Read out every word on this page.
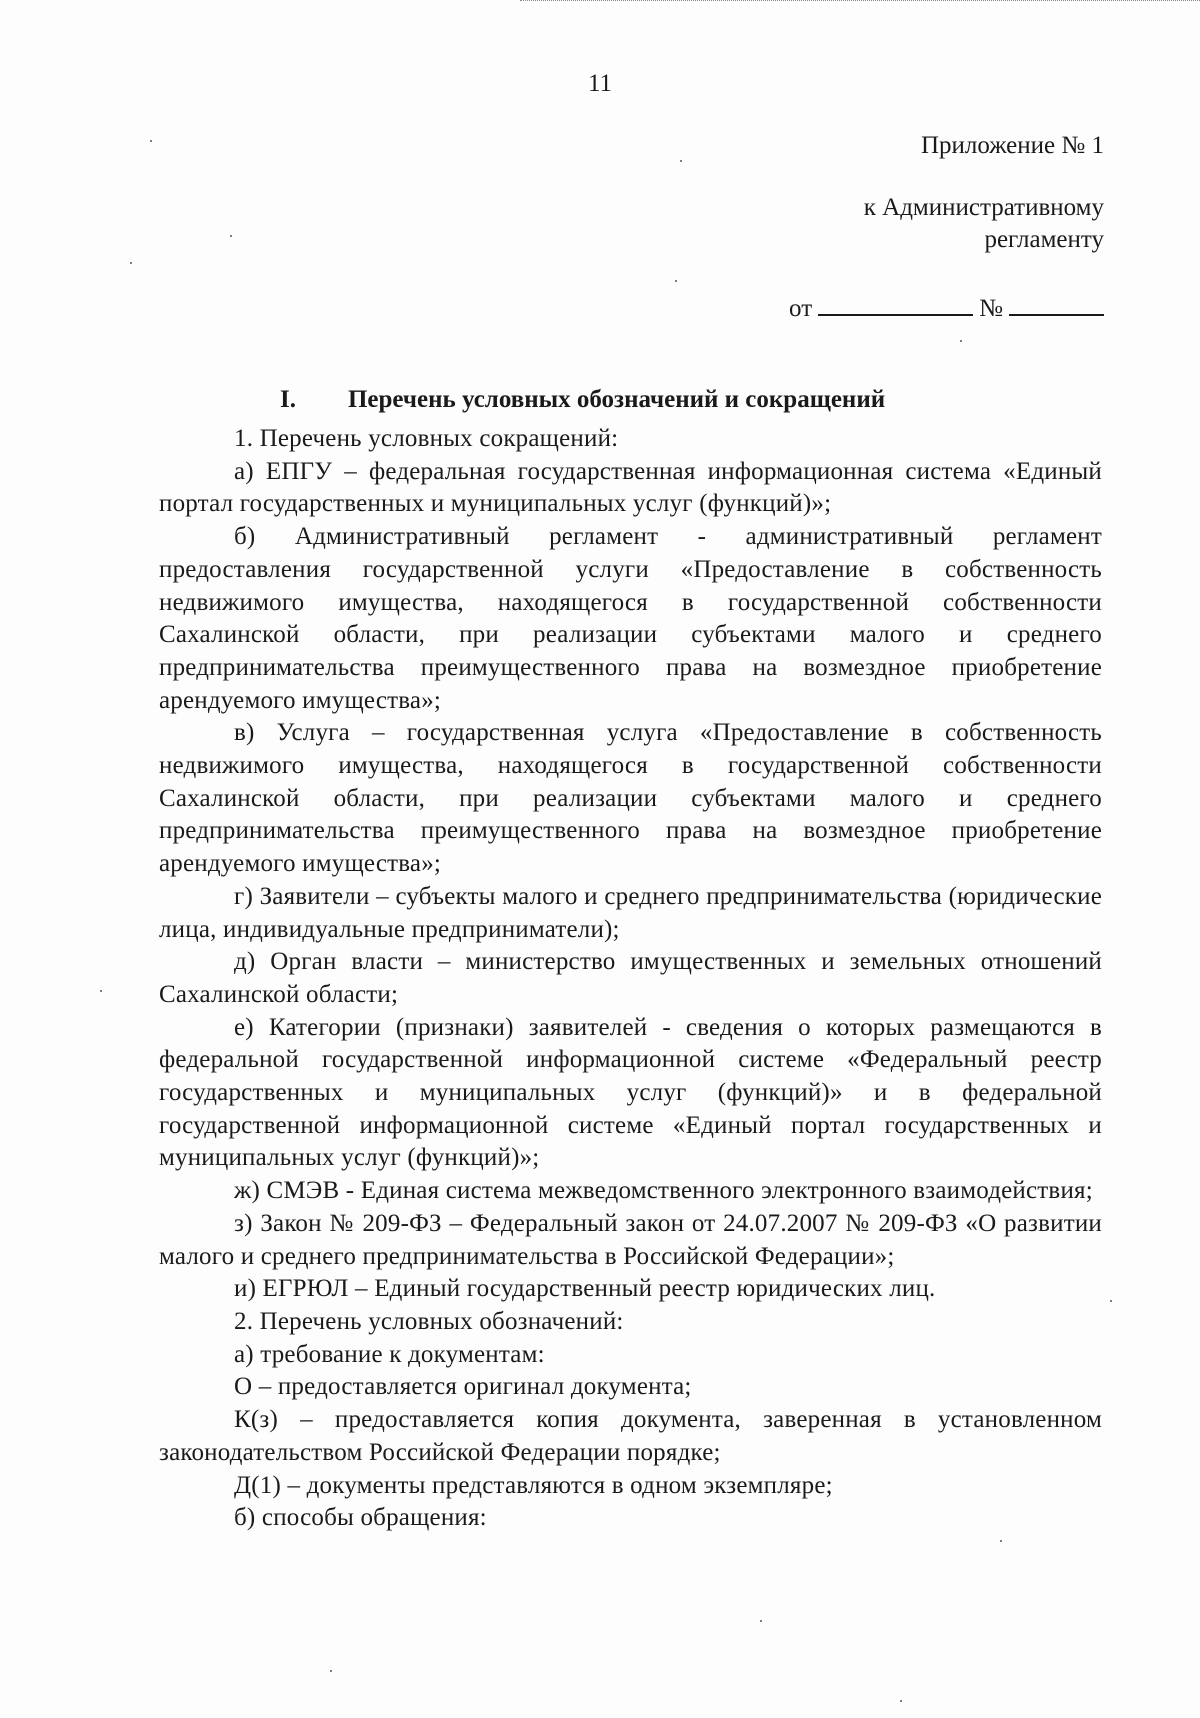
11
Приложение № 1
к Административному
регламенту
от	№
I. Перечень условных обозначений и сокращений

1. Перечень условных сокращений:

а) ЕПГУ – федеральная государственная информационная система «Единый портал государственных и муниципальных услуг (функций)»;

б) Административный регламент - административный регламент предоставления государственной услуги «Предоставление в собственность недвижимого имущества, находящегося в государственной собственности Сахалинской области, при реализации субъектами малого и среднего предпринимательства преимущественного права на возмездное приобретение арендуемого имущества»;

в) Услуга – государственная услуга «Предоставление в собственность недвижимого имущества, находящегося в государственной собственности Сахалинской области, при реализации субъектами малого и среднего предпринимательства преимущественного права на возмездное приобретение арендуемого имущества»;

г) Заявители – субъекты малого и среднего предпринимательства (юридические лица, индивидуальные предприниматели);

д) Орган власти – министерство имущественных и земельных отношений Сахалинской области;

е) Категории (признаки) заявителей - сведения о которых размещаются в федеральной государственной информационной системе «Федеральный реестр государственных и муниципальных услуг (функций)» и в федеральной государственной информационной системе «Единый портал государственных и муниципальных услуг (функций)»;

ж) СМЭВ - Единая система межведомственного электронного взаимодействия;

з) Закон № 209-ФЗ – Федеральный закон от 24.07.2007 № 209-ФЗ «О развитии малого и среднего предпринимательства в Российской Федерации»;

и) ЕГРЮЛ – Единый государственный реестр юридических лиц.

2. Перечень условных обозначений:

а) требование к документам:

О – предоставляется оригинал документа;

К(з) – предоставляется копия документа, заверенная в установленном законодательством Российской Федерации порядке;

Д(1) – документы представляются в одном экземпляре;

б) способы обращения:
